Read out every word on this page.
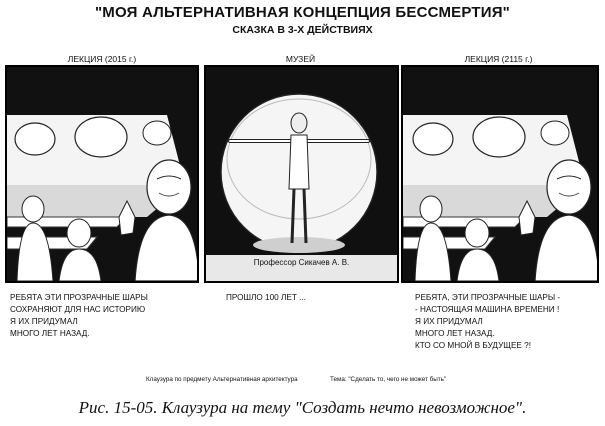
"МОЯ АЛЬТЕРНАТИВНАЯ КОНЦЕПЦИЯ БЕССМЕРТИЯ"
СКАЗКА В 3-Х ДЕЙСТВИЯХ
ЛЕКЦИЯ (2015 г.)	МУЗЕЙ	ЛЕКЦИЯ (2115 г.)
Профессор Сикачев А. В.
РЕБЯТА ЭТИ ПРОЗРАЧНЫЕ ШАРЫ
СОХРАНЯЮТ ДЛЯ НАС ИСТОРИЮ
Я ИХ ПРИДУМАЛ
МНОГО ЛЕТ НАЗАД.
ПРОШЛО 100 ЛЕТ ...	РЕБЯТА, ЭТИ ПРОЗРАЧНЫЕ ШАРЫ -
- НАСТОЯЩАЯ МАШИНА ВРЕМЕНИ !
Я ИХ ПРИДУМАЛ
МНОГО ЛЕТ НАЗАД.
КТО СО МНОЙ В БУДУЩЕЕ ?!
Клаузура по предмету Альтернативная архитектура	Тема: "Сделать то, чего не может быть"
Рис. 15-05. Клаузура на тему "Создать нечто невозможное".
